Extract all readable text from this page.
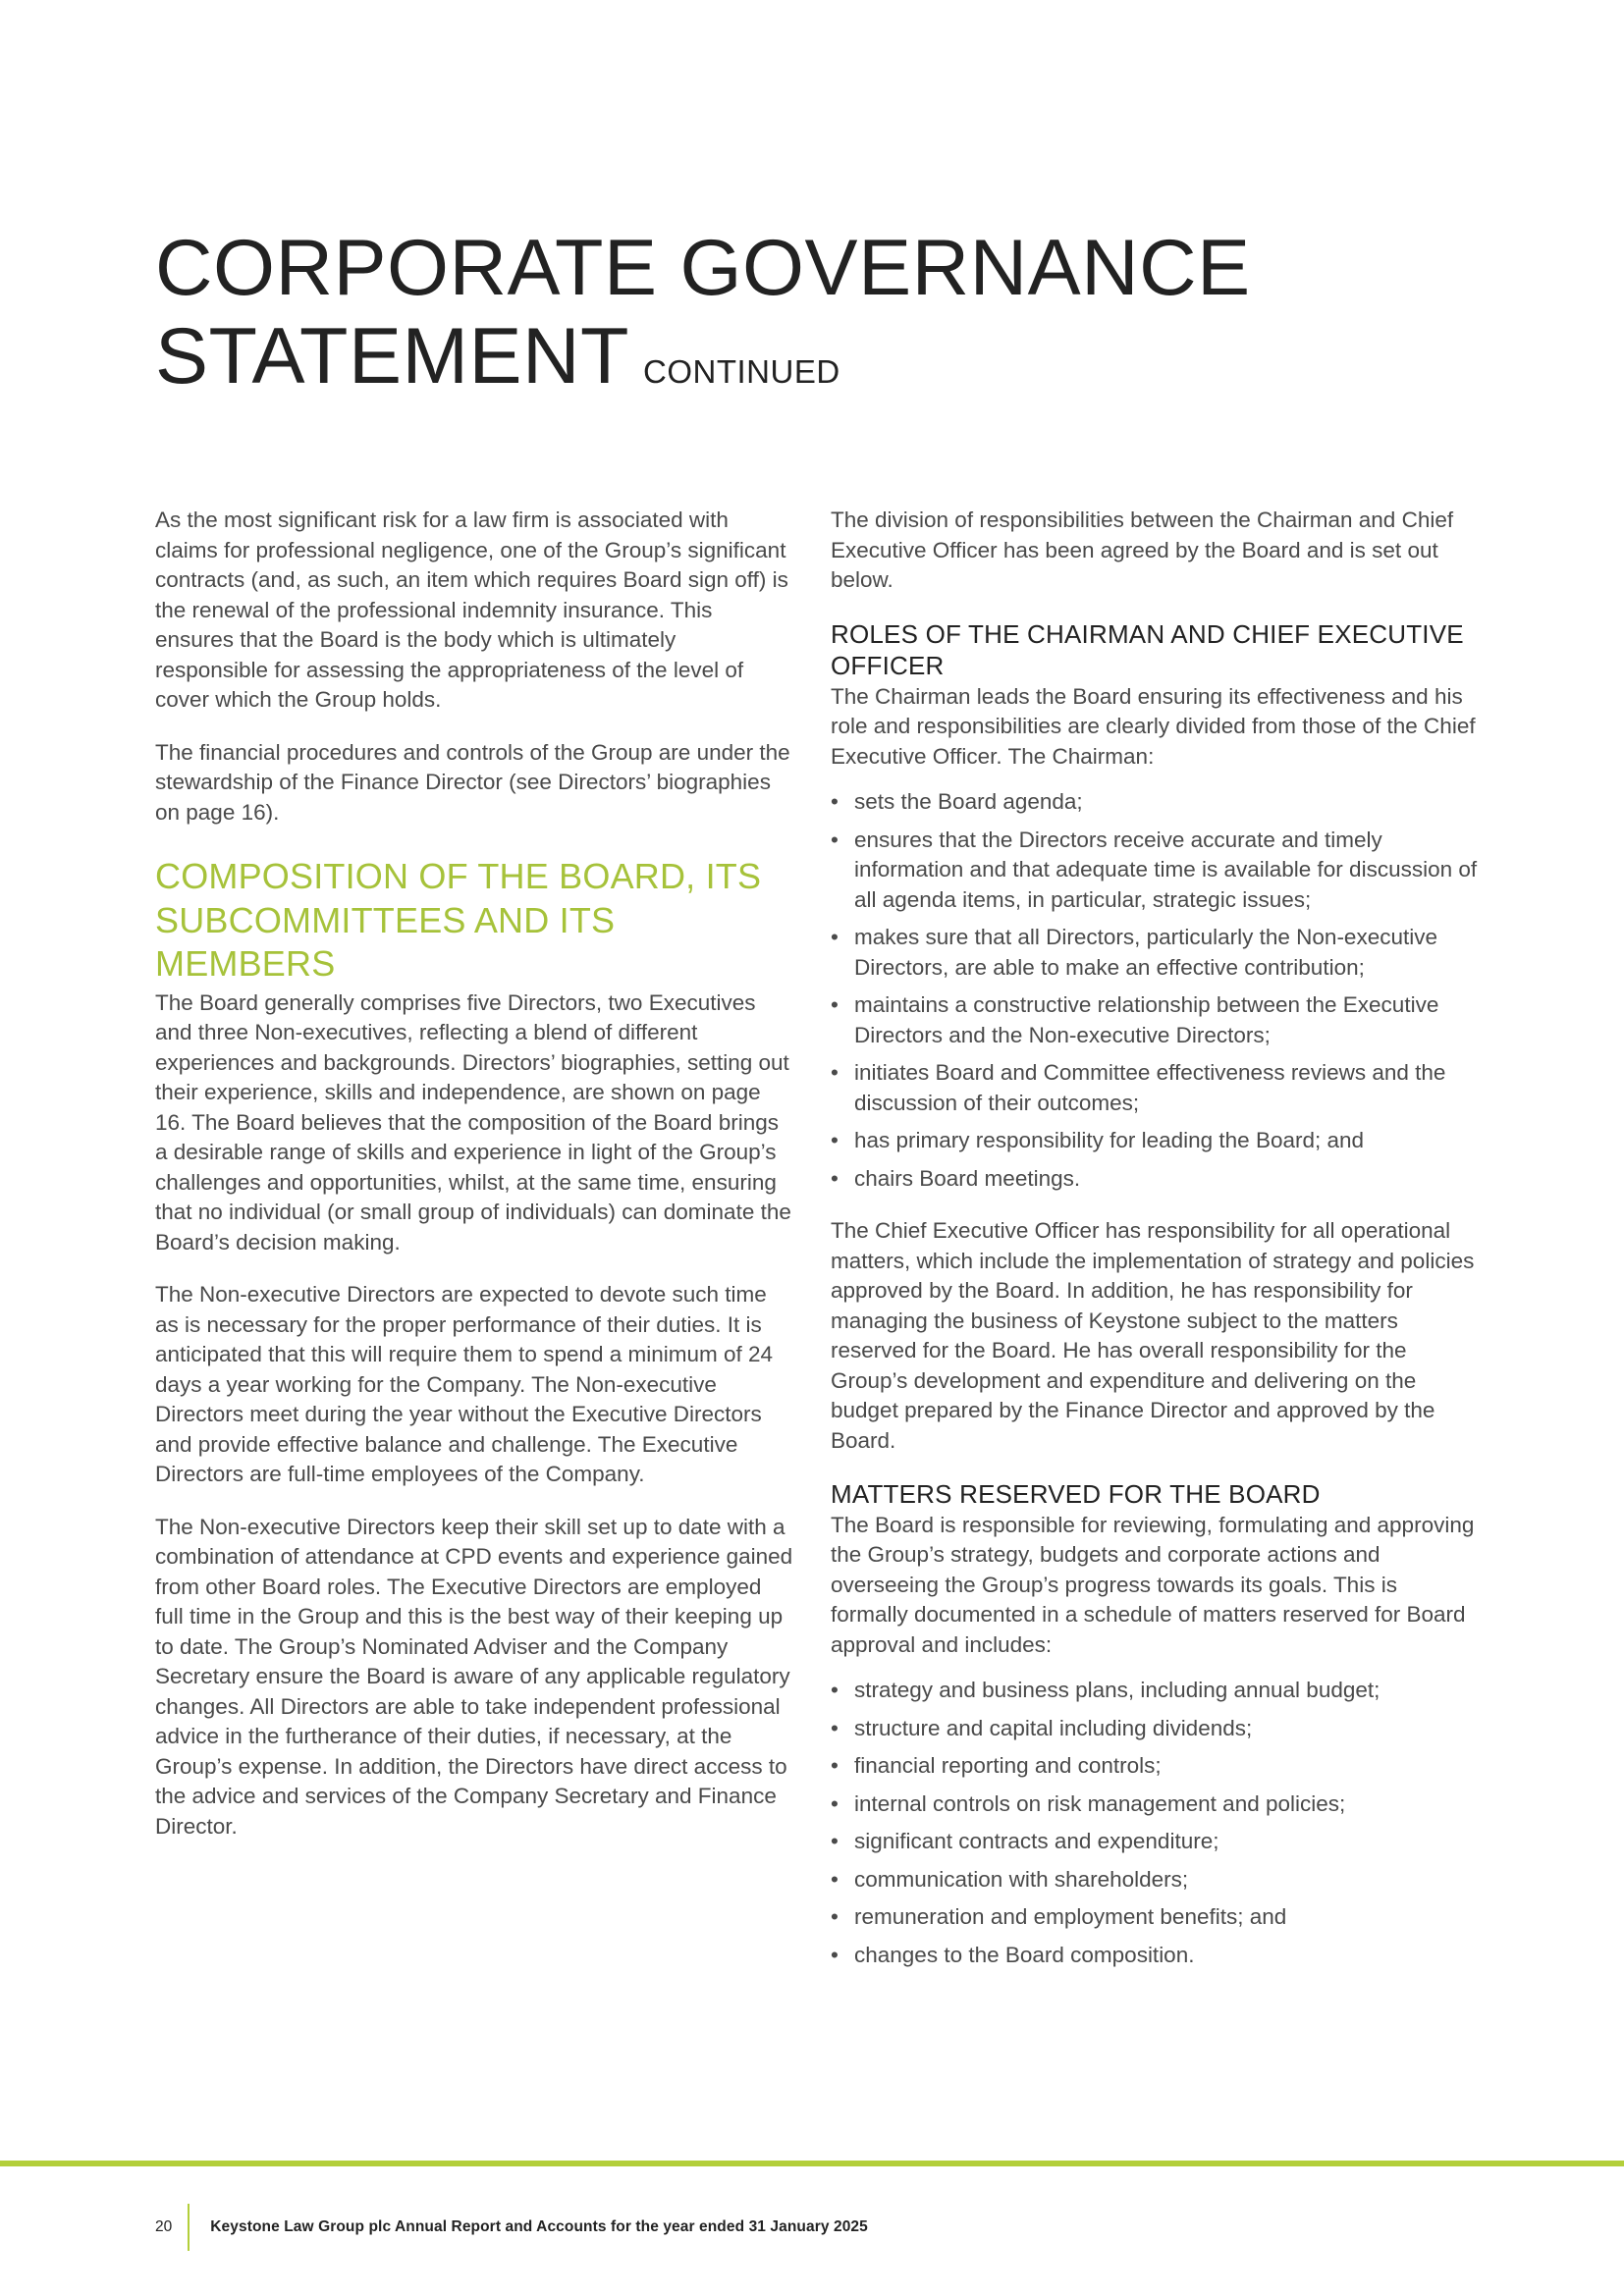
CORPORATE GOVERNANCE
STATEMENT CONTINUED

As the most significant risk for a law firm is associated with claims for professional negligence, one of the Group’s significant contracts (and, as such, an item which requires Board sign off) is the renewal of the professional indemnity insurance. This ensures that the Board is the body which is ultimately responsible for assessing the appropriateness of the level of cover which the Group holds.

The financial procedures and controls of the Group are under the stewardship of the Finance Director (see Directors’ biographies on page 16).

COMPOSITION OF THE BOARD, ITS SUBCOMMITTEES AND ITS MEMBERS

The Board generally comprises five Directors, two Executives and three Non-executives, reflecting a blend of different experiences and backgrounds. Directors’ biographies, setting out their experience, skills and independence, are shown on page 16. The Board believes that the composition of the Board brings a desirable range of skills and experience in light of the Group’s challenges and opportunities, whilst, at the same time, ensuring that no individual (or small group of individuals) can dominate the Board’s decision making.

The Non-executive Directors are expected to devote such time as is necessary for the proper performance of their duties. It is anticipated that this will require them to spend a minimum of 24 days a year working for the Company. The Non-executive Directors meet during the year without the Executive Directors and provide effective balance and challenge. The Executive Directors are full-time employees of the Company.

The Non-executive Directors keep their skill set up to date with a combination of attendance at CPD events and experience gained from other Board roles. The Executive Directors are employed full time in the Group and this is the best way of their keeping up to date. The Group’s Nominated Adviser and the Company Secretary ensure the Board is aware of any applicable regulatory changes. All Directors are able to take independent professional advice in the furtherance of their duties, if necessary, at the Group’s expense. In addition, the Directors have direct access to the advice and services of the Company Secretary and Finance Director.

The division of responsibilities between the Chairman and Chief Executive Officer has been agreed by the Board and is set out below.

ROLES OF THE CHAIRMAN AND CHIEF EXECUTIVE OFFICER

The Chairman leads the Board ensuring its effectiveness and his role and responsibilities are clearly divided from those of the Chief Executive Officer. The Chairman:

• sets the Board agenda;
• ensures that the Directors receive accurate and timely information and that adequate time is available for discussion of all agenda items, in particular, strategic issues;
• makes sure that all Directors, particularly the Non-executive Directors, are able to make an effective contribution;
• maintains a constructive relationship between the Executive Directors and the Non-executive Directors;
• initiates Board and Committee effectiveness reviews and the discussion of their outcomes;
• has primary responsibility for leading the Board; and
• chairs Board meetings.

The Chief Executive Officer has responsibility for all operational matters, which include the implementation of strategy and policies approved by the Board. In addition, he has responsibility for managing the business of Keystone subject to the matters reserved for the Board. He has overall responsibility for the Group’s development and expenditure and delivering on the budget prepared by the Finance Director and approved by the Board.

MATTERS RESERVED FOR THE BOARD

The Board is responsible for reviewing, formulating and approving the Group’s strategy, budgets and corporate actions and overseeing the Group’s progress towards its goals. This is formally documented in a schedule of matters reserved for Board approval and includes:

• strategy and business plans, including annual budget;
• structure and capital including dividends;
• financial reporting and controls;
• internal controls on risk management and policies;
• significant contracts and expenditure;
• communication with shareholders;
• remuneration and employment benefits; and
• changes to the Board composition.
20	Keystone Law Group plc Annual Report and Accounts for the year ended 31 January 2025
